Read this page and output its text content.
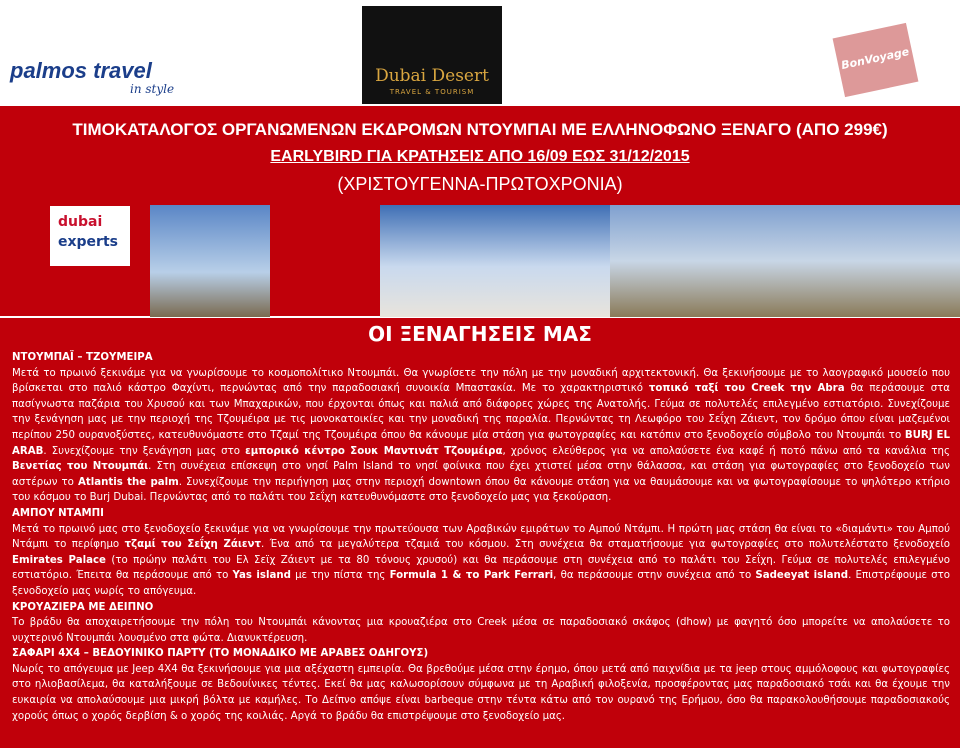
palmos travel
in style
Dubai Desert
TRAVEL & TOURISM
BonVoyage
ΤΙΜΟΚΑΤΑΛΟΓΟΣ ΟΡΓΑΝΩΜΕΝΩΝ ΕΚΔΡΟΜΩΝ ΝΤΟΥΜΠΑΙ ΜΕ ΕΛΛΗΝΟΦΩΝΟ ΞΕΝΑΓΟ (ΑΠΟ 299€)
EARLYBIRD ΓΙΑ ΚΡΑΤΗΣΕΙΣ ΑΠΟ 16/09 ΕΩΣ 31/12/2015
(ΧΡΙΣΤΟΥΓΕΝΝΑ-ΠΡΩΤΟΧΡΟΝΙΑ)
dubai
experts
ΟΙ ΞΕΝΑΓΗΣΕΙΣ ΜΑΣ
ΝΤΟΥΜΠΑΪ – ΤΖΟΥΜΕΙΡΑ
Μετά το πρωινό ξεκινάμε για να γνωρίσουμε το κοσμοπολίτικο Ντουμπάι. Θα γνωρίσετε την πόλη με την μοναδική αρχιτεκτονική. Θα ξεκινήσουμε με το λαογραφικό μουσείο που βρίσκεται στο παλιό κάστρο Φαχίντι, περνώντας από την παραδοσιακή συνοικία Μπαστακία. Με το χαρακτηριστικό τοπικό ταξί του Creek την Abra θα περάσουμε στα πασίγνωστα παζάρια του Χρυσού και των Μπαχαρικών, που έρχονται όπως και παλιά από διάφορες χώρες της Ανατολής. Γεύμα σε πολυτελές επιλεγμένο εστιατόριο. Συνεχίζουμε την ξενάγηση μας με την περιοχή της Τζουμέιρα με τις μονοκατοικίες και την μοναδική της παραλία. Περνώντας τη Λεωφόρο του Σεΐχη Ζάιεντ, τον δρόμο όπου είναι μαζεμένοι περίπου 250 ουρανοξύστες, κατευθυνόμαστε στο Τζαμί της Τζουμέιρα όπου θα κάνουμε μία στάση για φωτογραφίες και κατόπιν στο ξενοδοχείο σύμβολο του Ντουμπάι το BURJ EL ARAB. Συνεχίζουμε την ξενάγηση μας στο εμπορικό κέντρο Σουκ Μαντινάτ Τζουμέιρα, χρόνος ελεύθερος για να απολαύσετε ένα καφέ ή ποτό πάνω από τα κανάλια της Βενετίας του Ντουμπάι. Στη συνέχεια επίσκεψη στο νησί Palm Island το νησί φοίνικα που έχει χτιστεί μέσα στην θάλασσα, και στάση για φωτογραφίες στο ξενοδοχείο των αστέρων το Atlantis the palm. Συνεχίζουμε την περιήγηση μας στην περιοχή downtown όπου θα κάνουμε στάση για να θαυμάσουμε και να φωτογραφίσουμε το ψηλότερο κτήριο του κόσμου το Burj Dubai. Περνώντας από το παλάτι του Σεΐχη κατευθυνόμαστε στο ξενοδοχείο μας για ξεκούραση.
ΑΜΠΟΥ ΝΤΑΜΠΙ
Μετά το πρωινό μας στο ξενοδοχείο ξεκινάμε για να γνωρίσουμε την πρωτεύουσα των Αραβικών εμιράτων το Αμπού Ντάμπι. Η πρώτη μας στάση θα είναι το «διαμάντι» του Αμπού Ντάμπι το περίφημο τζαμί του Σεΐχη Ζάιεντ. Ένα από τα μεγαλύτερα τζαμιά του κόσμου. Στη συνέχεια θα σταματήσουμε για φωτογραφίες στο πολυτελέστατο ξενοδοχείο Emirates Palace (το πρώην παλάτι του Ελ Σεϊχ Ζάιεντ με τα 80 τόνους χρυσού) και θα περάσουμε στη συνέχεια από το παλάτι του Σεΐχη. Γεύμα σε πολυτελές επιλεγμένο εστιατόριο. Έπειτα θα περάσουμε από το Yas island με την πίστα της Formula 1 & το Park Ferrari, θα περάσουμε στην συνέχεια από το Sadeeyat island. Επιστρέφουμε στο ξενοδοχείο μας νωρίς το απόγευμα.
ΚΡΟΥΑΖΙΕΡΑ ΜΕ ΔΕΙΠΝΟ
Το βράδυ θα αποχαιρετήσουμε την πόλη του Ντουμπάι κάνοντας μια κρουαζιέρα στο Creek μέσα σε παραδοσιακό σκάφος (dhow) με φαγητό όσο μπορείτε να απολαύσετε το νυχτερινό Ντουμπάι λουσμένο στα φώτα. Διανυκτέρευση.
ΣΑΦΑΡΙ 4Χ4 – ΒΕΔΟΥΙΝΙΚΟ ΠΑΡΤΥ (ΤΟ ΜΟΝΑΔΙΚΟ ΜΕ ΑΡΑΒΕΣ ΟΔΗΓΟΥΣ)
Νωρίς το απόγευμα με Jeep 4Χ4 θα ξεκινήσουμε για μια αξέχαστη εμπειρία. Θα βρεθούμε μέσα στην έρημο, όπου μετά από παιχνίδια με τα jeep στους αμμόλοφους και φωτογραφίες στο ηλιοβασίλεμα, θα καταλήξουμε σε Βεδουίνικες τέντες. Εκεί θα μας καλωσορίσουν σύμφωνα με τη Αραβική φιλοξενία, προσφέροντας μας παραδοσιακό τσάι και θα έχουμε την ευκαιρία να απολαύσουμε μια μικρή βόλτα με καμήλες. Το Δείπνο απόψε είναι barbeque στην τέντα κάτω από τον ουρανό της Ερήμου, όσο θα παρακολουθήσουμε παραδοσιακούς χορούς όπως ο χορός δερβίση & ο χορός της κοιλιάς. Αργά το βράδυ θα επιστρέψουμε στο ξενοδοχείο μας.
